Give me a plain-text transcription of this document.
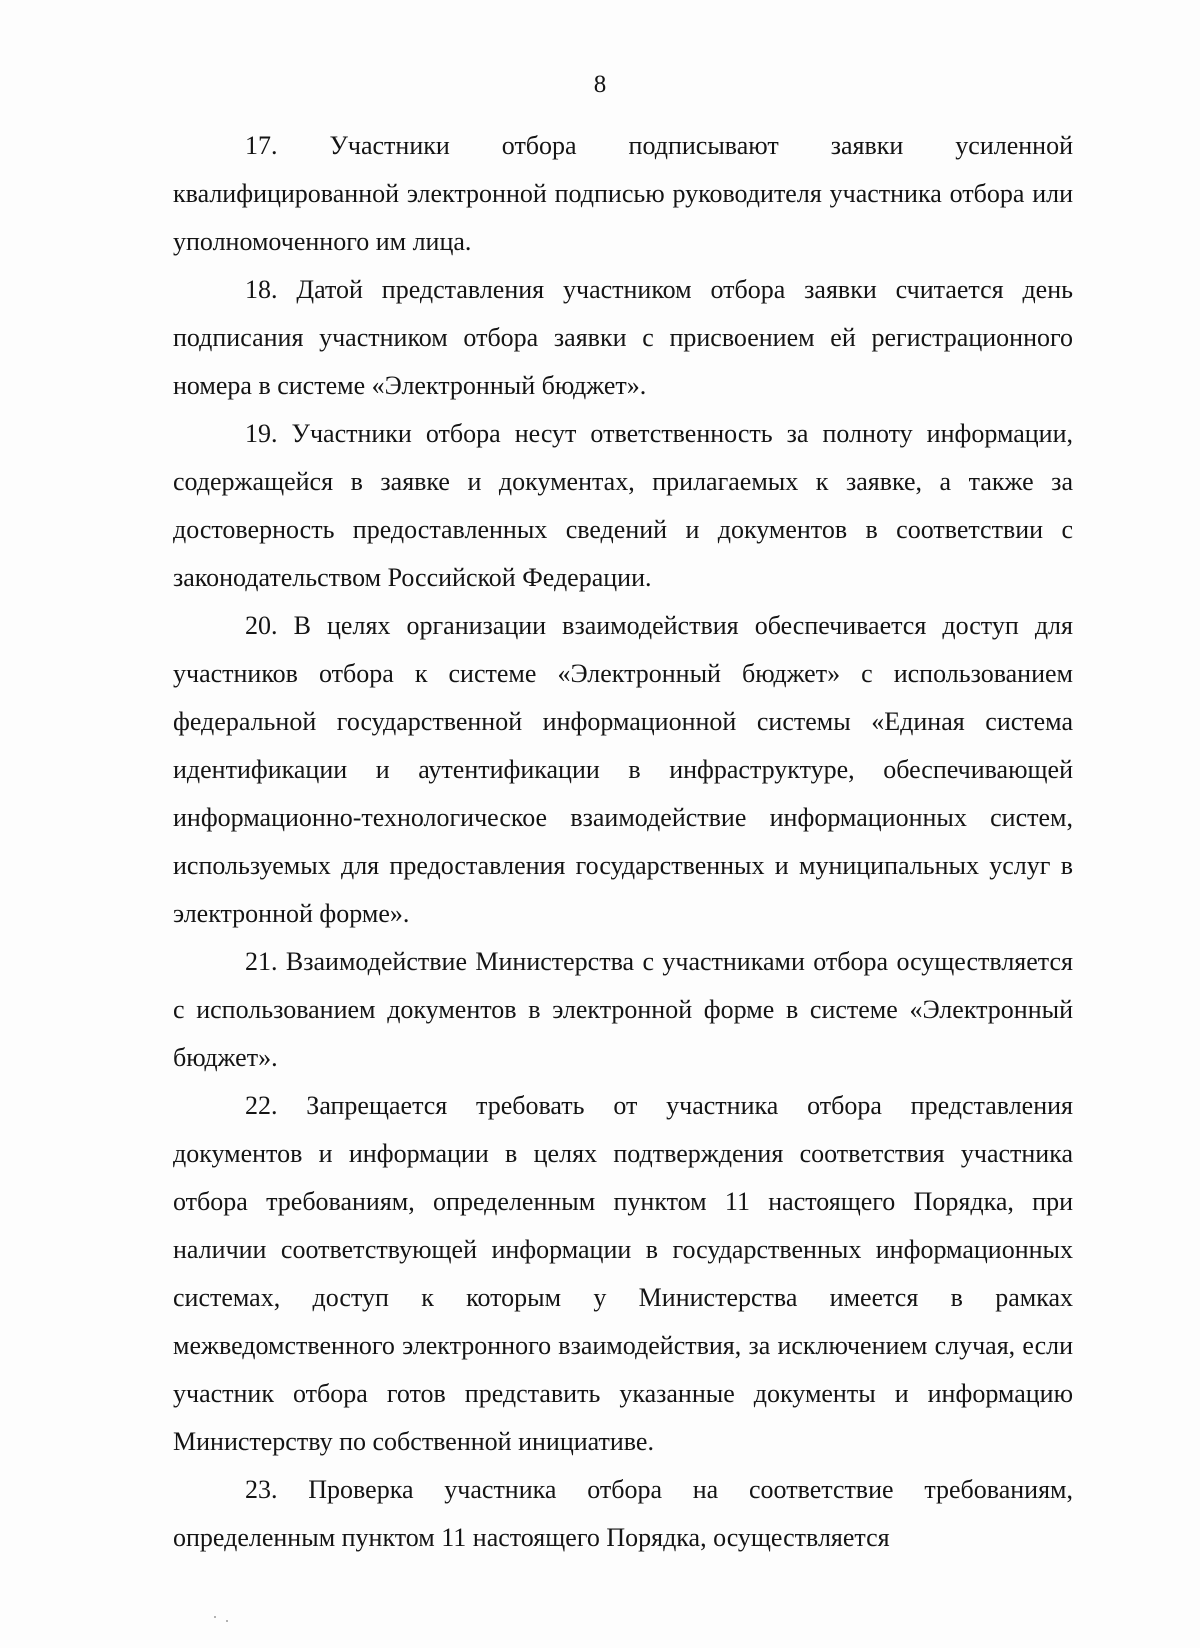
8

17. Участники отбора подписывают заявки усиленной квалифицированной электронной подписью руководителя участника отбора или уполномоченного им лица.

18. Датой представления участником отбора заявки считается день подписания участником отбора заявки с присвоением ей регистрационного номера в системе «Электронный бюджет».

19. Участники отбора несут ответственность за полноту информации, содержащейся в заявке и документах, прилагаемых к заявке, а также за достоверность предоставленных сведений и документов в соответствии с законодательством Российской Федерации.

20. В целях организации взаимодействия обеспечивается доступ для участников отбора к системе «Электронный бюджет» с использованием федеральной государственной информационной системы «Единая система идентификации и аутентификации в инфраструктуре, обеспечивающей информационно-технологическое взаимодействие информационных систем, используемых для предоставления государственных и муниципальных услуг в электронной форме».

21. Взаимодействие Министерства с участниками отбора осуществляется с использованием документов в электронной форме в системе «Электронный бюджет».

22. Запрещается требовать от участника отбора представления документов и информации в целях подтверждения соответствия участника отбора требованиям, определенным пунктом 11 настоящего Порядка, при наличии соответствующей информации в государственных информационных системах, доступ к которым у Министерства имеется в рамках межведомственного электронного взаимодействия, за исключением случая, если участник отбора готов представить указанные документы и информацию Министерству по собственной инициативе.

23. Проверка участника отбора на соответствие требованиям, определенным пунктом 11 настоящего Порядка, осуществляется
